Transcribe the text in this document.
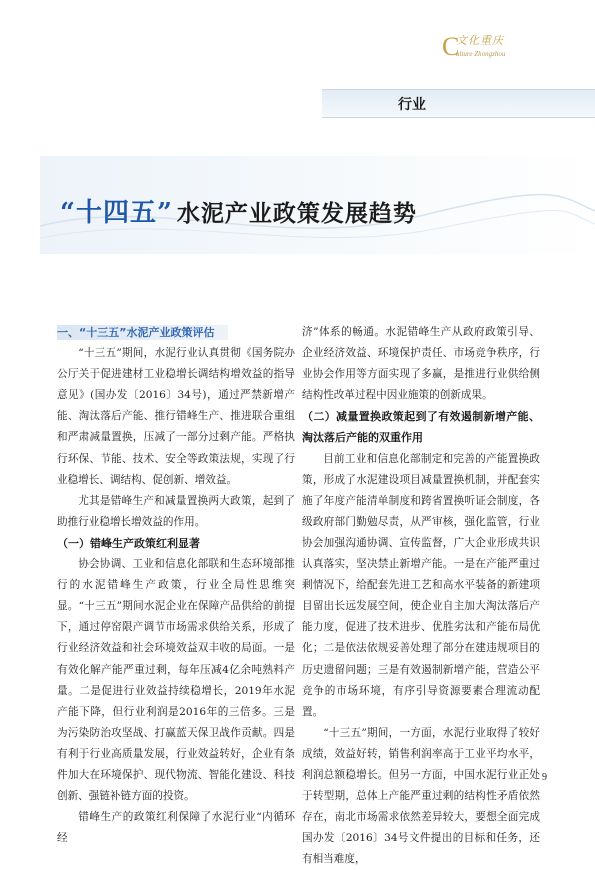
C
文化重庆
ulture Zhongzhou
行业
“十四五” 水泥产业政策发展趋势

一、“十三五”水泥产业政策评估

“十三五”期间，水泥行业认真贯彻《国务院办公厅关于促进建材工业稳增长调结构增效益的指导意见》(国办发〔2016〕34号)，通过严禁新增产能、淘汰落后产能、推行错峰生产、推进联合重组和严肃减量置换，压减了一部分过剩产能。严格执行环保、节能、技术、安全等政策法规，实现了行业稳增长、调结构、促创新、增效益。

尤其是错峰生产和减量置换两大政策，起到了助推行业稳增长增效益的作用。

（一）错峰生产政策红利显著

协会协调、工业和信息化部联和生态环境部推行的水泥错峰生产政策，行业全局性思维突显。“十三五”期间水泥企业在保障产品供给的前提下，通过停窑限产调节市场需求供给关系，形成了行业经济效益和社会环境效益双丰收的局面。一是有效化解产能严重过剩，每年压减4亿余吨熟料产量。二是促进行业效益持续稳增长，2019年水泥产能下降，但行业利润是2016年的三倍多。三是为污染防治攻坚战、打赢蓝天保卫战作贡献。四是有利于行业高质量发展，行业效益转好，企业有条件加大在环境保护、现代物流、智能化建设、科技创新、强链补链方面的投资。

错峰生产的政策红利保障了水泥行业“内循环经

济”体系的畅通。水泥错峰生产从政府政策引导、企业经济效益、环境保护责任、市场竞争秩序，行业协会作用等方面实现了多赢，是推进行业供给侧结构性改革过程中因业施策的创新成果。

（二）减量置换政策起到了有效遏制新增产能、淘汰落后产能的双重作用

目前工业和信息化部制定和完善的产能置换政策，形成了水泥建设项目减量置换机制，并配套实施了年度产能清单制度和跨省置换听证会制度，各级政府部门勤勉尽责，从严审核，强化监管，行业协会加强沟通协调、宣传监督，广大企业形成共识认真落实，坚决禁止新增产能。一是在产能严重过剩情况下，给配套先进工艺和高水平装备的新建项目留出长远发展空间，使企业自主加大淘汰落后产能力度，促进了技术进步、优胜劣汰和产能布局优化；二是依法依规妥善处理了部分在建违规项目的历史遗留问题；三是有效遏制新增产能，营造公平竞争的市场环境，有序引导资源要素合理流动配置。

“十三五”期间，一方面，水泥行业取得了较好成绩，效益好转，销售利润率高于工业平均水平，利润总额稳增长。但另一方面，中国水泥行业正处于转型期，总体上产能严重过剩的结构性矛盾依然存在，南北市场需求依然差异较大，要想全面完成国办发〔2016〕34号文件提出的目标和任务，还有相当难度，

9
